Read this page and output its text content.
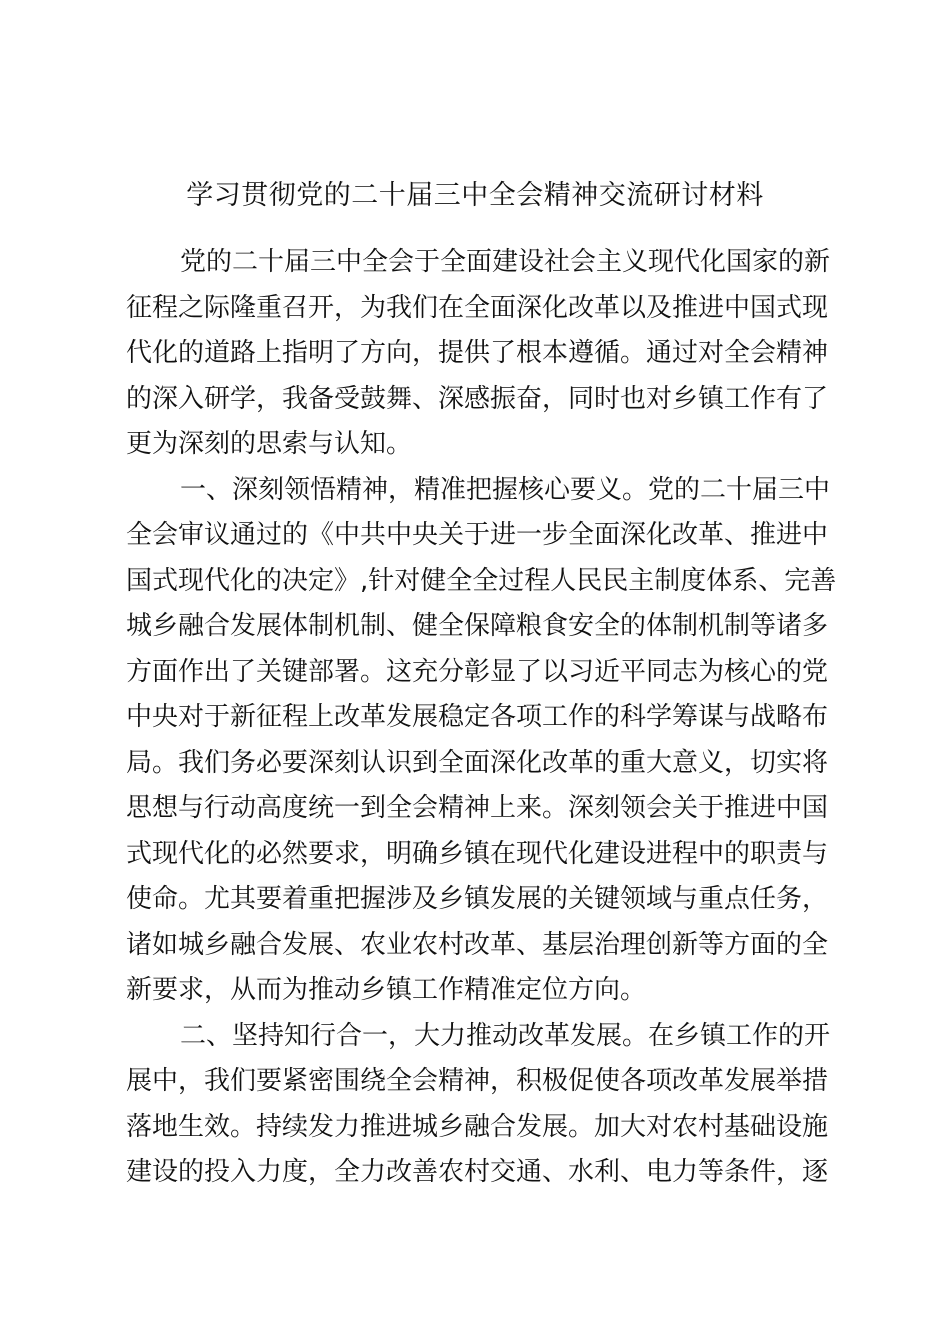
学习贯彻党的二十届三中全会精神交流研讨材料
党的二十届三中全会于全面建设社会主义现代化国家的新
征程之际隆重召开，为我们在全面深化改革以及推进中国式现
代化的道路上指明了方向，提供了根本遵循。通过对全会精神
的深入研学，我备受鼓舞、深感振奋，同时也对乡镇工作有了
更为深刻的思索与认知。
一、深刻领悟精神，精准把握核心要义。党的二十届三中
全会审议通过的《中共中央关于进一步全面深化改革、推进中
国式现代化的决定》,针对健全全过程人民民主制度体系、完善
城乡融合发展体制机制、健全保障粮食安全的体制机制等诸多
方面作出了关键部署。这充分彰显了以习近平同志为核心的党
中央对于新征程上改革发展稳定各项工作的科学筹谋与战略布
局。我们务必要深刻认识到全面深化改革的重大意义，切实将
思想与行动高度统一到全会精神上来。深刻领会关于推进中国
式现代化的必然要求，明确乡镇在现代化建设进程中的职责与
使命。尤其要着重把握涉及乡镇发展的关键领域与重点任务，
诸如城乡融合发展、农业农村改革、基层治理创新等方面的全
新要求，从而为推动乡镇工作精准定位方向。
二、坚持知行合一，大力推动改革发展。在乡镇工作的开
展中，我们要紧密围绕全会精神，积极促使各项改革发展举措
落地生效。持续发力推进城乡融合发展。加大对农村基础设施
建设的投入力度，全力改善农村交通、水利、电力等条件，逐
